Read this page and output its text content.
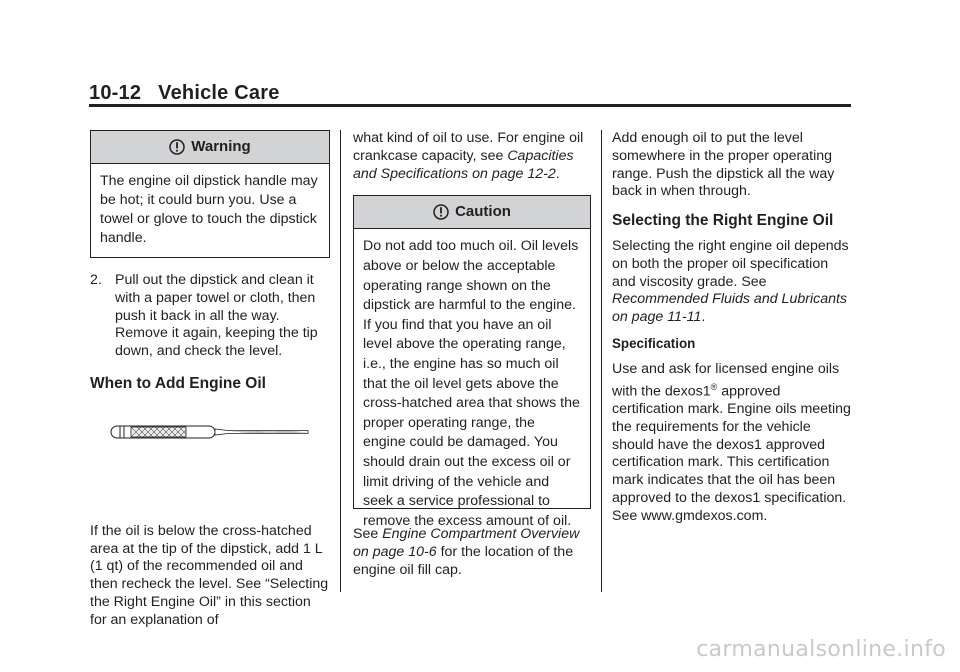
10-12 Vehicle Care
Warning
The engine oil dipstick handle may be hot; it could burn you. Use a towel or glove to touch the dipstick handle.
2. Pull out the dipstick and clean it with a paper towel or cloth, then push it back in all the way. Remove it again, keeping the tip down, and check the level.
When to Add Engine Oil

If the oil is below the cross-hatched area at the tip of the dipstick, add 1 L (1 qt) of the recommended oil and then recheck the level. See “Selecting the Right Engine Oil” in this section for an explanation of

what kind of oil to use. For engine oil crankcase capacity, see Capacities and Specifications on page 12-2.

Caution
Do not add too much oil. Oil levels above or below the acceptable operating range shown on the dipstick are harmful to the engine. If you find that you have an oil level above the operating range, i.e., the engine has so much oil that the oil level gets above the cross-hatched area that shows the proper operating range, the engine could be damaged. You should drain out the excess oil or limit driving of the vehicle and seek a service professional to remove the excess amount of oil.

See Engine Compartment Overview on page 10-6 for the location of the engine oil fill cap.

Add enough oil to put the level somewhere in the proper operating range. Push the dipstick all the way back in when through.

Selecting the Right Engine Oil

Selecting the right engine oil depends on both the proper oil specification and viscosity grade. See Recommended Fluids and Lubricants on page 11-11.

Specification

Use and ask for licensed engine oils with the dexos1® approved certification mark. Engine oils meeting the requirements for the vehicle should have the dexos1 approved certification mark. This certification mark indicates that the oil has been approved to the dexos1 specification. See www.gmdexos.com.

carmanualsonline.info
